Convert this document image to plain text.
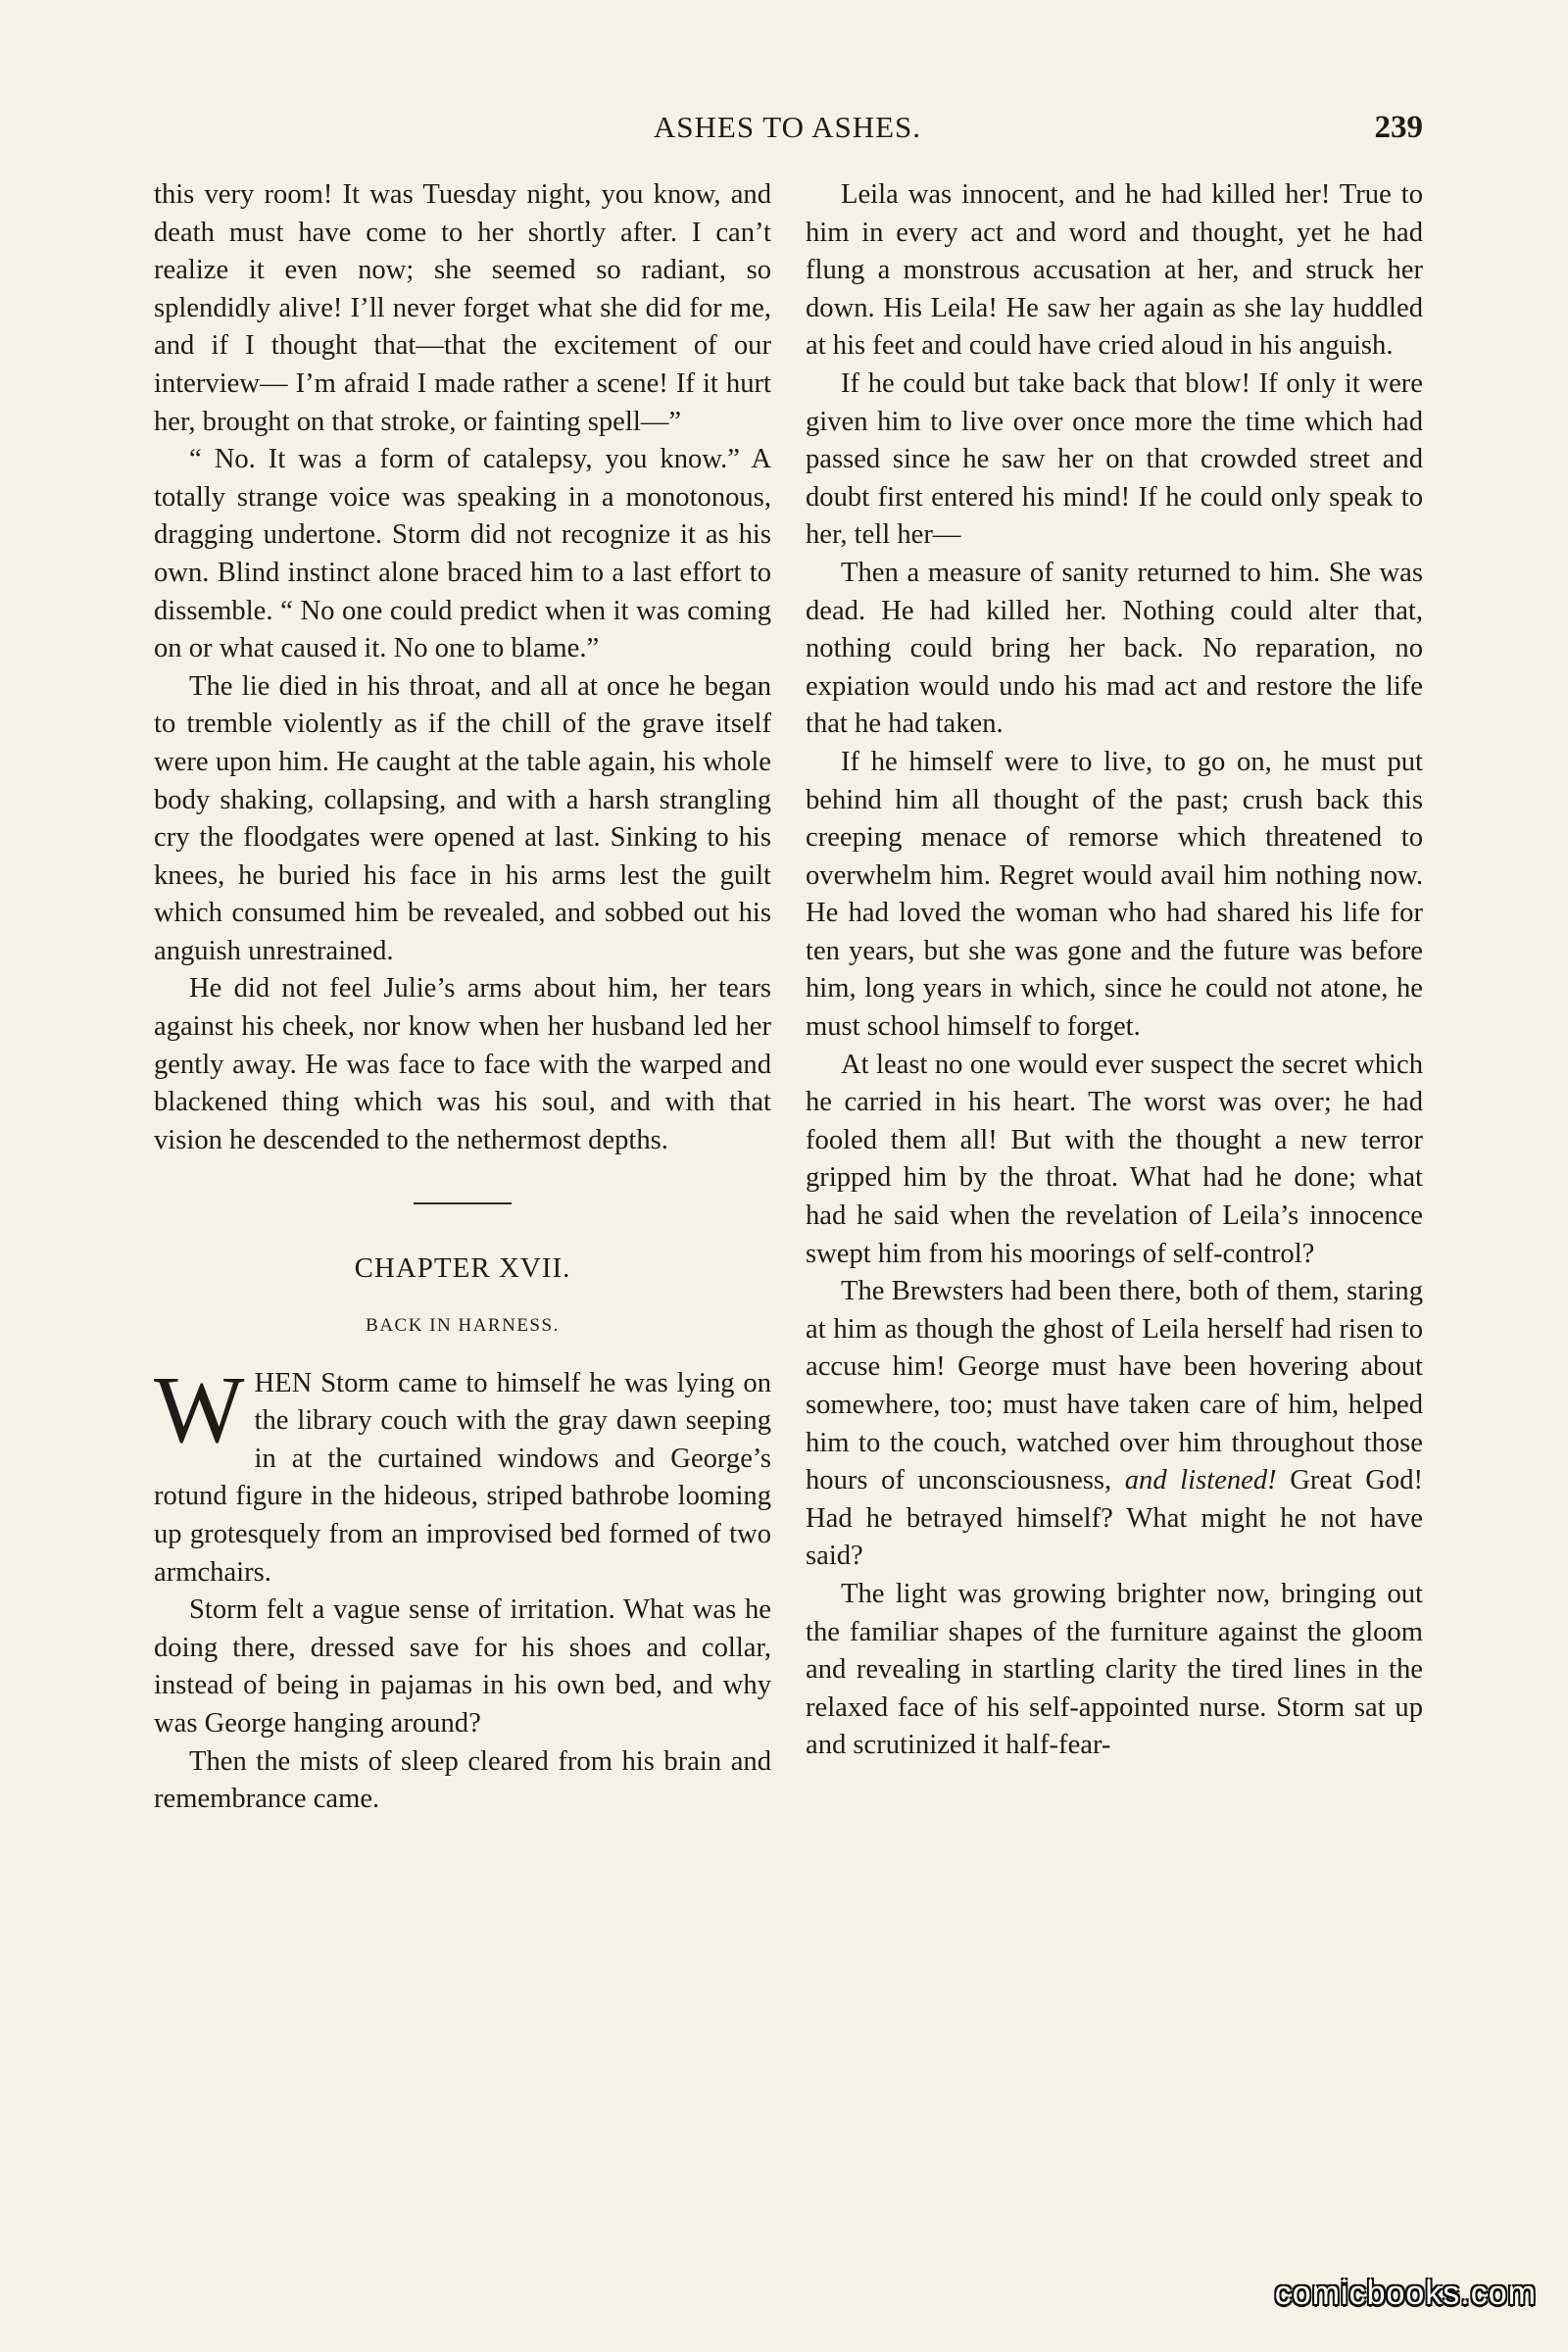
ASHES TO ASHES.	239

this very room! It was Tuesday night, you know, and death must have come to her shortly after. I can’t realize it even now; she seemed so radiant, so splendidly alive! I’ll never forget what she did for me, and if I thought that—that the excitement of our interview— I’m afraid I made rather a scene! If it hurt her, brought on that stroke, or fainting spell—”

“ No. It was a form of catalepsy, you know.” A totally strange voice was speaking in a monotonous, dragging undertone. Storm did not recognize it as his own. Blind instinct alone braced him to a last effort to dissemble. “ No one could predict when it was coming on or what caused it. No one to blame.”

The lie died in his throat, and all at once he began to tremble violently as if the chill of the grave itself were upon him. He caught at the table again, his whole body shaking, collapsing, and with a harsh strangling cry the floodgates were opened at last. Sinking to his knees, he buried his face in his arms lest the guilt which consumed him be revealed, and sobbed out his anguish unrestrained.

He did not feel Julie’s arms about him, her tears against his cheek, nor know when her husband led her gently away. He was face to face with the warped and blackened thing which was his soul, and with that vision he descended to the nethermost depths.

CHAPTER XVII.
BACK IN HARNESS.

WHEN Storm came to himself he was lying on the library couch with the gray dawn seeping in at the curtained windows and George’s rotund figure in the hideous, striped bathrobe looming up grotesquely from an improvised bed formed of two armchairs.

Storm felt a vague sense of irritation. What was he doing there, dressed save for his shoes and collar, instead of being in pajamas in his own bed, and why was George hanging around?

Then the mists of sleep cleared from his brain and remembrance came.

Leila was innocent, and he had killed her! True to him in every act and word and thought, yet he had flung a monstrous accusation at her, and struck her down. His Leila! He saw her again as she lay huddled at his feet and could have cried aloud in his anguish.

If he could but take back that blow! If only it were given him to live over once more the time which had passed since he saw her on that crowded street and doubt first entered his mind! If he could only speak to her, tell her—

Then a measure of sanity returned to him. She was dead. He had killed her. Nothing could alter that, nothing could bring her back. No reparation, no expiation would undo his mad act and restore the life that he had taken.

If he himself were to live, to go on, he must put behind him all thought of the past; crush back this creeping menace of remorse which threatened to overwhelm him. Regret would avail him nothing now. He had loved the woman who had shared his life for ten years, but she was gone and the future was before him, long years in which, since he could not atone, he must school himself to forget.

At least no one would ever suspect the secret which he carried in his heart. The worst was over; he had fooled them all! But with the thought a new terror gripped him by the throat. What had he done; what had he said when the revelation of Leila’s innocence swept him from his moorings of self-control?

The Brewsters had been there, both of them, staring at him as though the ghost of Leila herself had risen to accuse him! George must have been hovering about somewhere, too; must have taken care of him, helped him to the couch, watched over him throughout those hours of unconsciousness, and listened! Great God! Had he betrayed himself? What might he not have said?

The light was growing brighter now, bringing out the familiar shapes of the furniture against the gloom and revealing in startling clarity the tired lines in the relaxed face of his self-appointed nurse. Storm sat up and scrutinized it half-fear-

comicbooks.com
